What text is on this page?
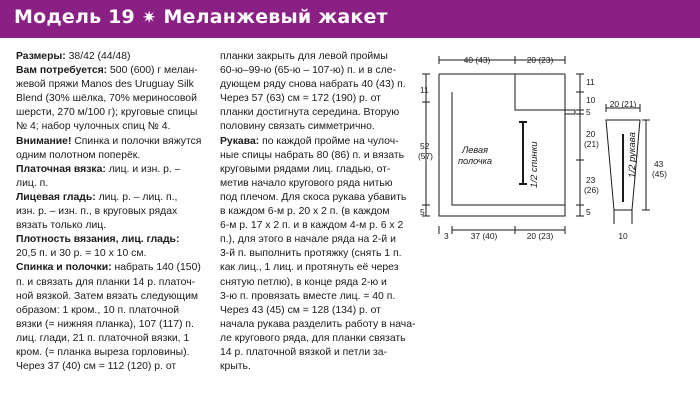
Модель 19 ✷ Меланжевый жакет

Размеры: 38/42 (44/48)

Вам потребуется: 500 (600) г мелан-

жевой пряжи Manos des Uruguay Silk

Blend (30% шёлка, 70% мериносовой

шерсти, 270 м/100 г); круговые спицы

№ 4; набор чулочных спиц № 4.

Внимание! Спинка и полочки вяжутся

одним полотном поперёк.

Платочная вязка: лиц. и изн. р. –

лиц. п.

Лицевая гладь: лиц. р. – лиц. п.,

изн. р. – изн. п., в круговых рядах

вязать только лиц.

Плотность вязания, лиц. гладь:

20,5 п. и 30 р. = 10 х 10 см.

Спинка и полочки: набрать 140 (150)

п. и связать для планки 14 р. платоч-

ной вязкой. Затем вязать следующим

образом: 1 кром., 10 п. платочной

вязки (= нижняя планка), 107 (117) п.

лиц. глади, 21 п. платочной вязки, 1

кром. (= планка выреза горловины).

Через 37 (40) см = 112 (120) р. от

планки закрыть для левой проймы

60-ю–99-ю (65-ю – 107-ю) п. и в сле-

дующем ряду снова набрать 40 (43) п.

Через 57 (63) см = 172 (190) р. от

планки достигнута середина. Вторую

половину связать симметрично.

Рукава: по каждой пройме на чулоч-

ные спицы набрать 80 (86) п. и вязать

круговыми рядами лиц. гладью, от-

метив начало кругового ряда нитью

под плечом. Для скоса рукава убавить

в каждом 6-м р. 20 х 2 п. (в каждом

6-м р. 17 х 2 п. и в каждом 4-м р. 6 х 2

п.), для этого в начале ряда на 2-й и

3-й п. выполнить протяжку (снять 1 п.

как лиц., 1 лиц. и протянуть её через

снятую петлю), в конце ряда 2-ю и

3-ю п. провязать вместе лиц. = 40 п.

Через 43 (45) см = 128 (134) р. от

начала рукава разделить работу в нача-

ле кругового ряда, для планки связать

14 р. платочной вязкой и петли за-

крыть.

40 (43)	20 (23)
37 (40)	20 (23)
3
11
52
(57)
5
11
10
5
20
(21)
23
(26)
5
Левая
полочка	1/2 спинки
20 (21)
43
(45)
10
1/2 рукава
